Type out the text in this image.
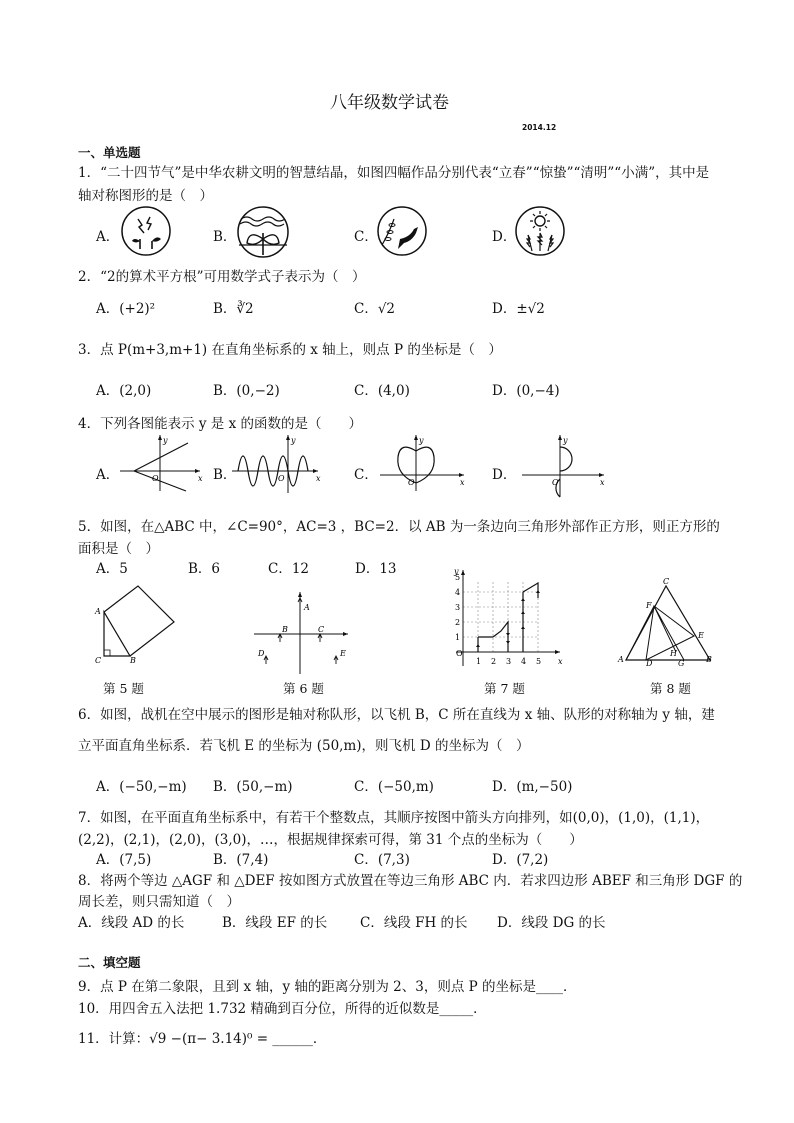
八年级数学试卷
2014.12
一、单选题
1．“二十四节气”是中华农耕文明的智慧结晶，如图四幅作品分别代表“立春”“惊蛰”“清明”“小满”，其中是
轴对称图形的是（　）
A．	B．	C．	D．
2．“2的算术平方根”可用数学式子表示为（　）
A．(+2)²	B．∛2	C．√2	D．±√2
3．点 P(m+3,m+1) 在直角坐标系的 x 轴上，则点 P 的坐标是（　）
A．(2,0)	B．(0,−2)	C．(4,0)	D．(0,−4)
4．下列各图能表示 y 是 x 的函数的是（　　）
A．	B．	C．	D．
y
O	x
y
O	x
y
O	x
y
O	x
5．如图，在△ABC 中，∠C=90°，AC=3 ，BC=2．以 AB 为一条边向三角形外部作正方形，则正方形的
面积是（　）
A．5	B．6	C．12	D．13
A
C	B
A
B	C
D	E
y
O
1 2 3 4 5 x
1
2
3
4
5	C
F
E
A	D	G	B
H
第 5 题	第 6 题	第 7 题	第 8 题
6．如图，战机在空中展示的图形是轴对称队形，以飞机 B，C 所在直线为 x 轴、队形的对称轴为 y 轴，建
立平面直角坐标系．若飞机 E 的坐标为 (50,m)，则飞机 D 的坐标为（　）
A．(−50,−m) B．(50,−m)	C．(−50,m)	D．(m,−50)
7．如图，在平面直角坐标系中，有若干个整数点，其顺序按图中箭头方向排列，如(0,0)，(1,0)，(1,1)，
(2,2)，(2,1)，(2,0)，(3,0)，…，根据规律探索可得，第 31 个点的坐标为（　　）
A．(7,5)	B．(7,4)	C．(7,3)	D．(7,2)
8．将两个等边 △AGF 和 △DEF 按如图方式放置在等边三角形 ABC 内．若求四边形 ABEF 和三角形 DGF 的
周长差，则只需知道（　）
A．线段 AD 的长	B．线段 EF 的长 C．线段 FH 的长 D．线段 DG 的长
二、填空题
9．点 P 在第二象限，且到 x 轴，y 轴的距离分别为 2、3，则点 P 的坐标是____．
10．用四舍五入法把 1.732 精确到百分位，所得的近似数是_____．
11．计算：√9 −(π− 3.14)⁰ = ______．
